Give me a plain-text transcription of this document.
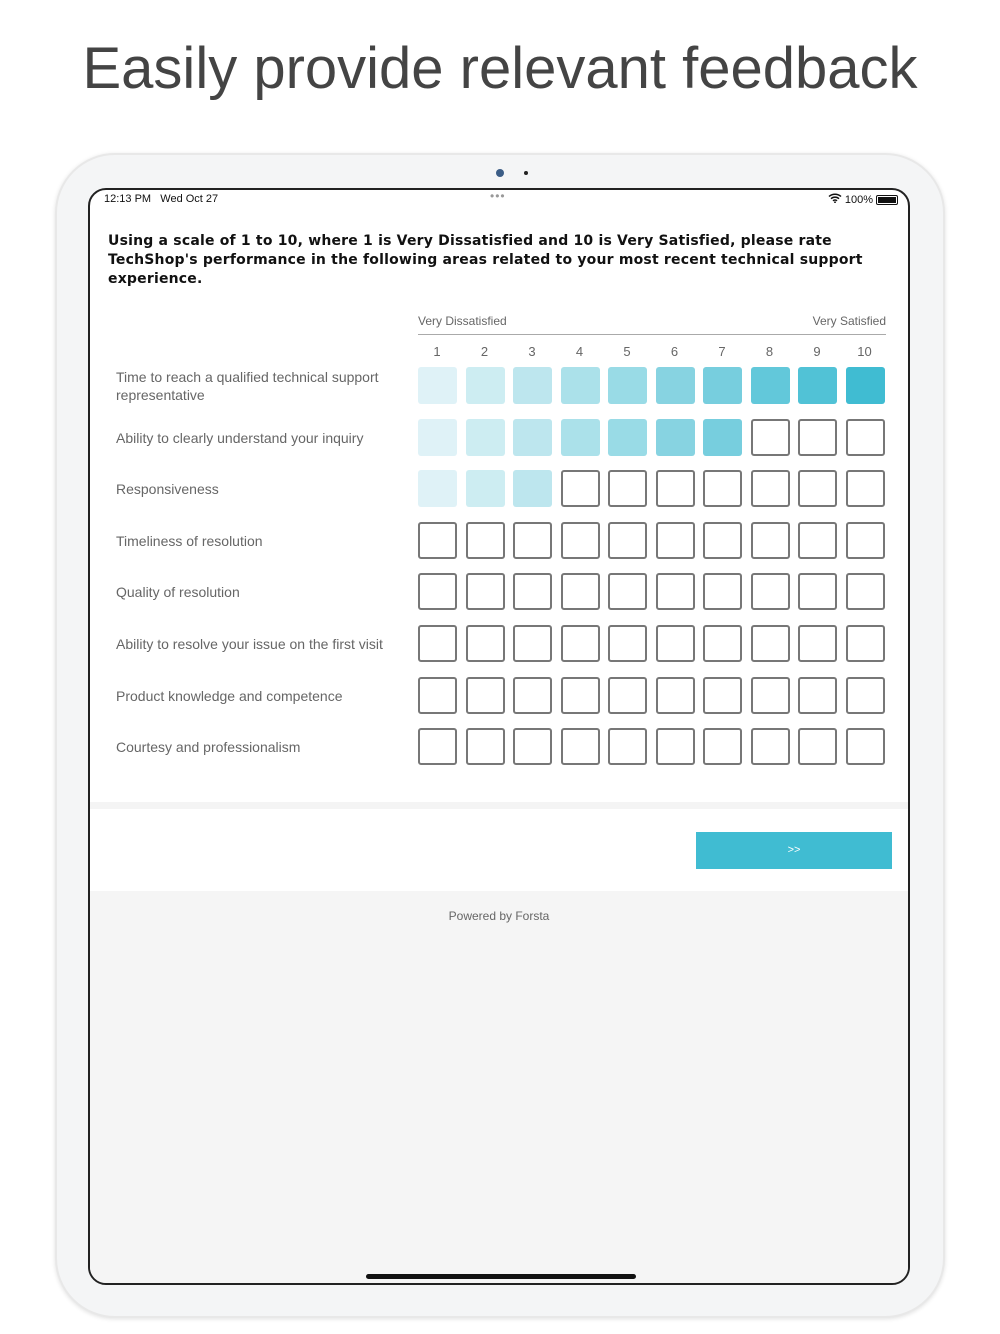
Easily provide relevant feedback
12:13 PM Wed Oct 27	•••	100%
Using a scale of 1 to 10, where 1 is Very Dissatisfied and 10 is Very Satisfied, please rate TechShop's performance in the following areas related to your most recent technical support experience.
Very Dissatisfied	Very Satisfied
1	2	3	4	5	6	7	8	9	10
Time to reach a qualified technical support representative
Ability to clearly understand your inquiry
Responsiveness
Timeliness of resolution
Quality of resolution
Ability to resolve your issue on the first visit
Product knowledge and competence
Courtesy and professionalism
>>
Powered by Forsta
